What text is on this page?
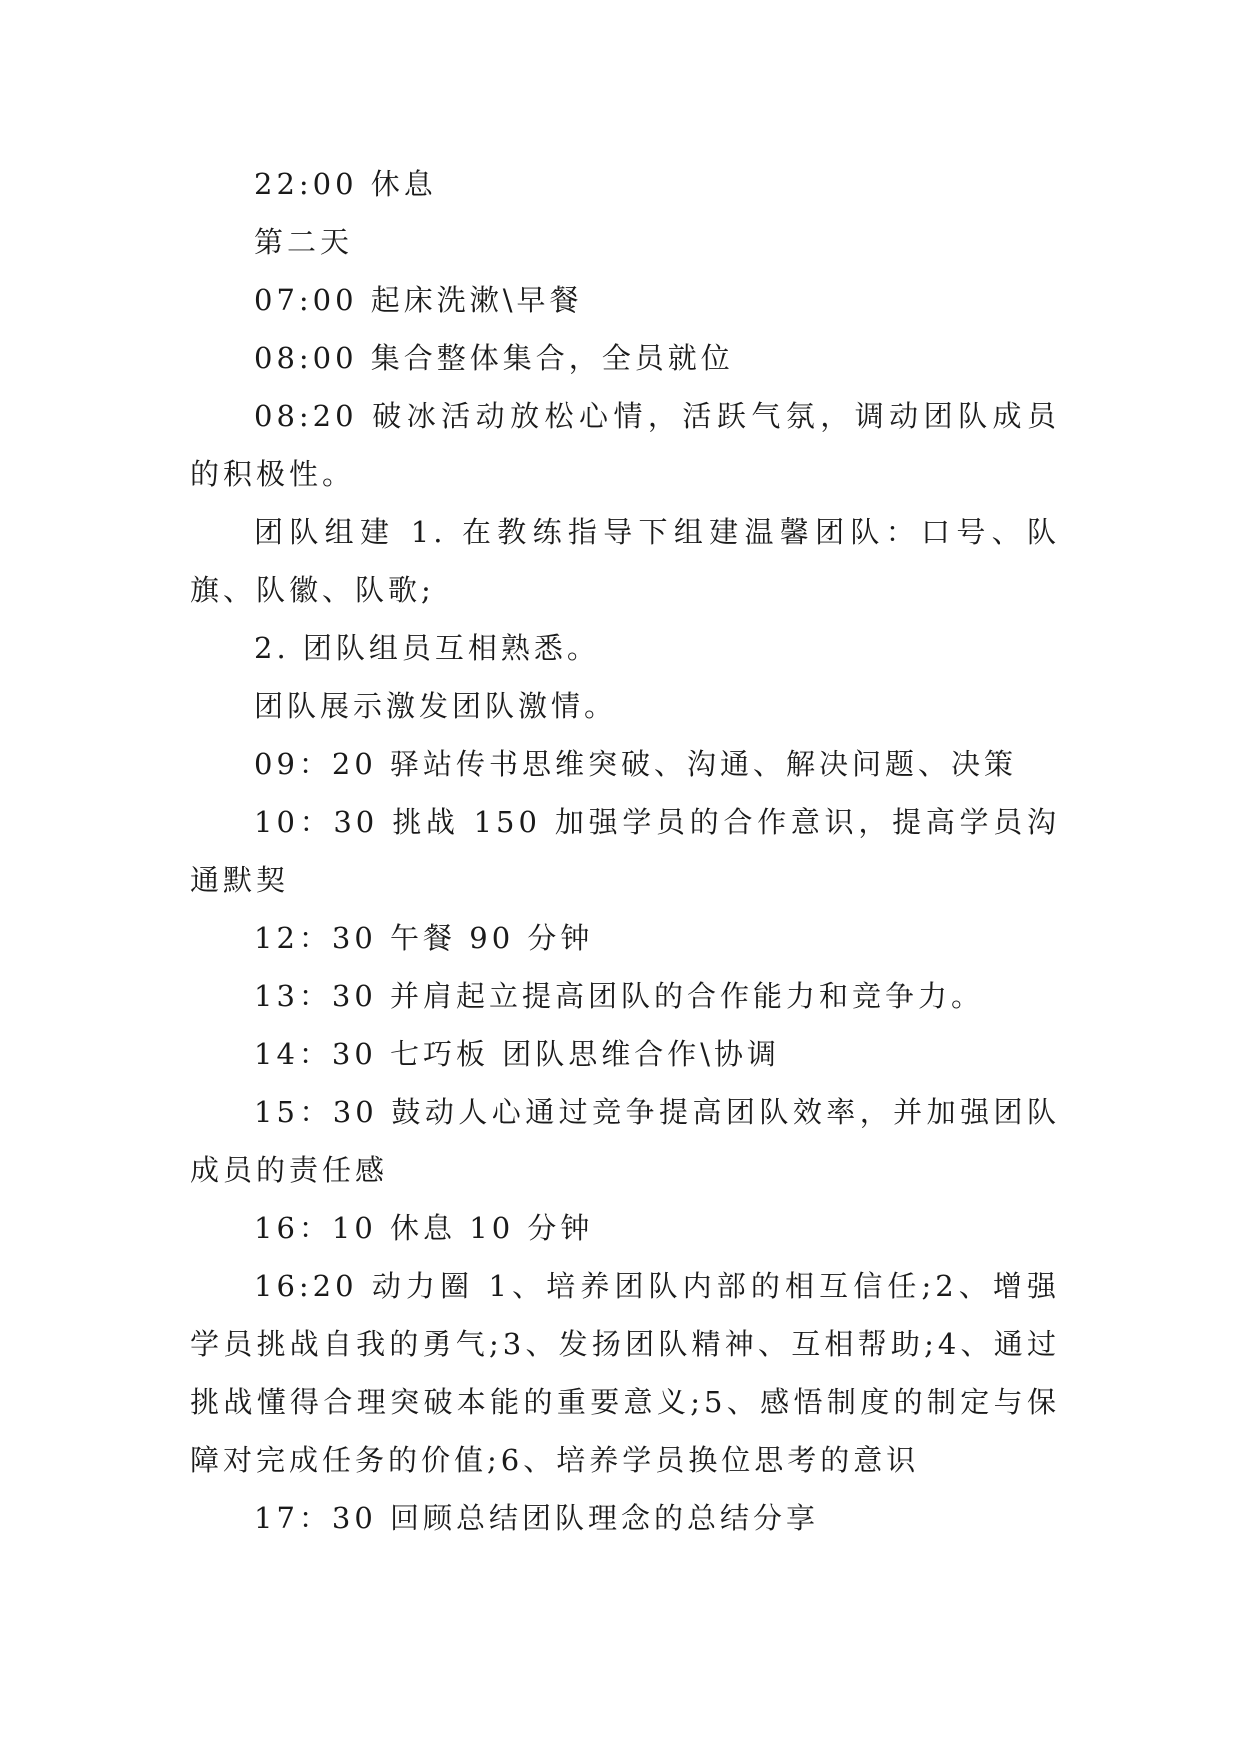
22:00 休息

第二天

07:00 起床洗漱\早餐

08:00 集合整体集合，全员就位

08:20 破冰活动放松心情，活跃气氛，调动团队成员的积极性。

团队组建 1. 在教练指导下组建温馨团队：口号、队旗、队徽、队歌;

2. 团队组员互相熟悉。

团队展示激发团队激情。

09：20 驿站传书思维突破、沟通、解决问题、决策

10：30 挑战 150 加强学员的合作意识，提高学员沟通默契

12：30 午餐 90 分钟

13：30 并肩起立提高团队的合作能力和竞争力。

14：30 七巧板 团队思维合作\协调

15：30 鼓动人心通过竞争提高团队效率，并加强团队成员的责任感

16：10 休息 10 分钟

16:20 动力圈 1、培养团队内部的相互信任;2、增强学员挑战自我的勇气;3、发扬团队精神、互相帮助;4、通过挑战懂得合理突破本能的重要意义;5、感悟制度的制定与保障对完成任务的价值;6、培养学员换位思考的意识

17：30 回顾总结团队理念的总结分享
